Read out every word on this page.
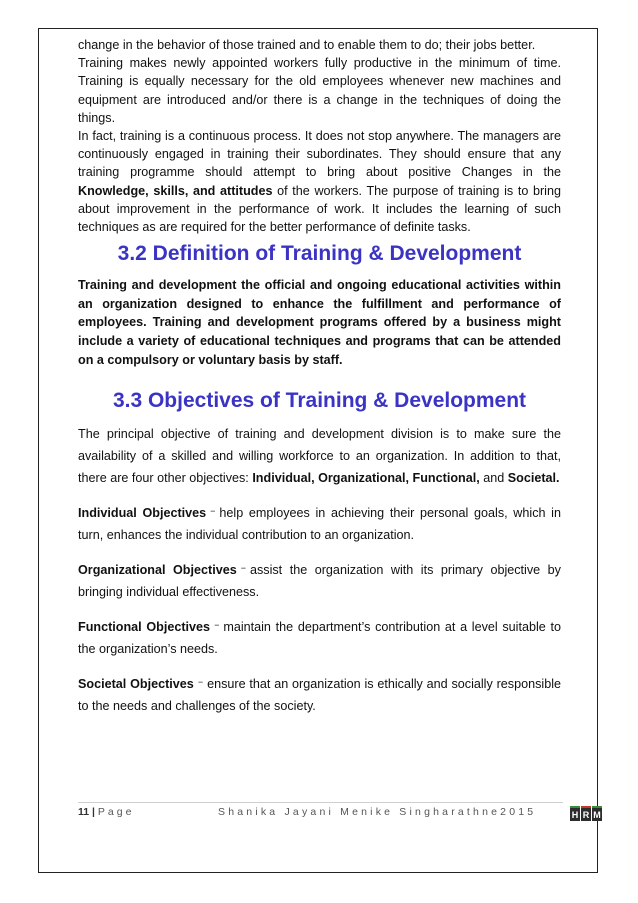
change in the behavior of those trained and to enable them to do; their jobs better.

Training makes newly appointed workers fully productive in the minimum of time. Training is equally necessary for the old employees whenever new machines and equipment are introduced and/or there is a change in the techniques of doing the things.

In fact, training is a continuous process. It does not stop anywhere. The managers are continuously engaged in training their subordinates. They should ensure that any training programme should attempt to bring about positive Changes in the Knowledge, skills, and attitudes of the workers. The purpose of training is to bring about improvement in the performance of work. It includes the learning of such techniques as are required for the better performance of definite tasks.

3.2 Definition of Training & Development

Training and development the official and ongoing educational activities within an organization designed to enhance the fulfillment and performance of employees. Training and development programs offered by a business might include a variety of educational techniques and programs that can be attended on a compulsory or voluntary basis by staff.

3.3 Objectives of Training & Development

The principal objective of training and development division is to make sure the availability of a skilled and willing workforce to an organization. In addition to that, there are four other objectives: Individual, Organizational, Functional, and Societal.

Individual Objectives − help employees in achieving their personal goals, which in turn, enhances the individual contribution to an organization.

Organizational Objectives − assist the organization with its primary objective by bringing individual effectiveness.

Functional Objectives − maintain the department’s contribution at a level suitable to the organization’s needs.

Societal Objectives − ensure that an organization is ethically and socially responsible to the needs and challenges of the society.

11 | Page	Shanika Jayani Menike Singharathne2015	H R M
